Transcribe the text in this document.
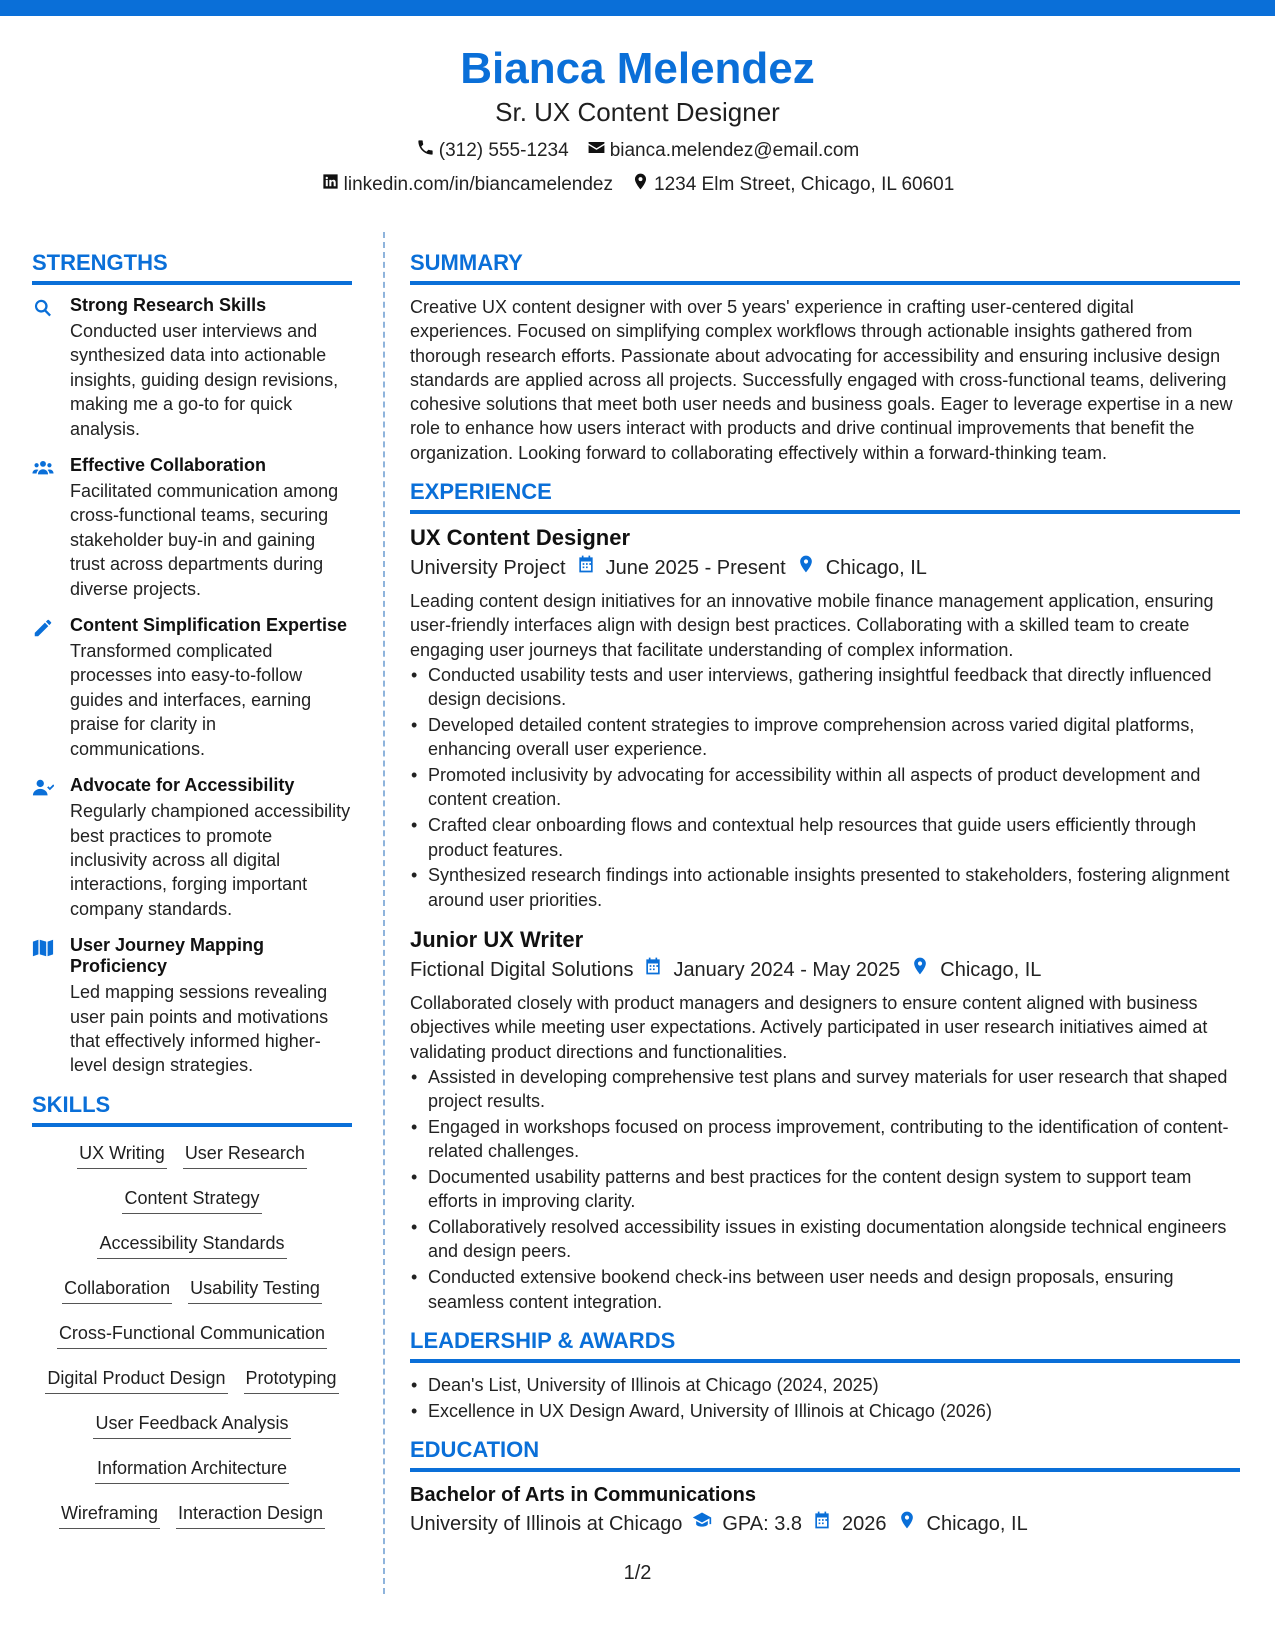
Bianca Melendez
Sr. UX Content Designer
(312) 555-1234 bianca.melendez@email.com
linkedin.com/in/biancamelendez 1234 Elm Street, Chicago, IL 60601
STRENGTHS
Strong Research Skills
Conducted user interviews and synthesized data into actionable insights, guiding design revisions, making me a go-to for quick analysis.
Effective Collaboration
Facilitated communication among cross-functional teams, securing stakeholder buy-in and gaining trust across departments during diverse projects.
Content Simplification Expertise
Transformed complicated processes into easy-to-follow guides and interfaces, earning praise for clarity in communications.
Advocate for Accessibility
Regularly championed accessibility best practices to promote inclusivity across all digital interactions, forging important company standards.
User Journey Mapping Proficiency
Led mapping sessions revealing user pain points and motivations that effectively informed higher-level design strategies.
SKILLS
UX Writing User Research
Content Strategy
Accessibility Standards
Collaboration Usability Testing
Cross-Functional Communication
Digital Product Design Prototyping
User Feedback Analysis
Information Architecture
Wireframing Interaction Design
SUMMARY
Creative UX content designer with over 5 years' experience in crafting user-centered digital experiences. Focused on simplifying complex workflows through actionable insights gathered from thorough research efforts. Passionate about advocating for accessibility and ensuring inclusive design standards are applied across all projects. Successfully engaged with cross-functional teams, delivering cohesive solutions that meet both user needs and business goals. Eager to leverage expertise in a new role to enhance how users interact with products and drive continual improvements that benefit the organization. Looking forward to collaborating effectively within a forward-thinking team.
EXPERIENCE
UX Content Designer
University Project June 2025 - Present Chicago, IL
Leading content design initiatives for an innovative mobile finance management application, ensuring user-friendly interfaces align with design best practices. Collaborating with a skilled team to create engaging user journeys that facilitate understanding of complex information.
• Conducted usability tests and user interviews, gathering insightful feedback that directly influenced design decisions.
• Developed detailed content strategies to improve comprehension across varied digital platforms, enhancing overall user experience.
• Promoted inclusivity by advocating for accessibility within all aspects of product development and content creation.
• Crafted clear onboarding flows and contextual help resources that guide users efficiently through product features.
• Synthesized research findings into actionable insights presented to stakeholders, fostering alignment around user priorities.
Junior UX Writer
Fictional Digital Solutions January 2024 - May 2025 Chicago, IL
Collaborated closely with product managers and designers to ensure content aligned with business objectives while meeting user expectations. Actively participated in user research initiatives aimed at validating product directions and functionalities.
• Assisted in developing comprehensive test plans and survey materials for user research that shaped project results.
• Engaged in workshops focused on process improvement, contributing to the identification of content-related challenges.
• Documented usability patterns and best practices for the content design system to support team efforts in improving clarity.
• Collaboratively resolved accessibility issues in existing documentation alongside technical engineers and design peers.
• Conducted extensive bookend check-ins between user needs and design proposals, ensuring seamless content integration.
LEADERSHIP & AWARDS
• Dean's List, University of Illinois at Chicago (2024, 2025)
• Excellence in UX Design Award, University of Illinois at Chicago (2026)
EDUCATION
Bachelor of Arts in Communications
University of Illinois at Chicago GPA: 3.8 2026 Chicago, IL
1/2
